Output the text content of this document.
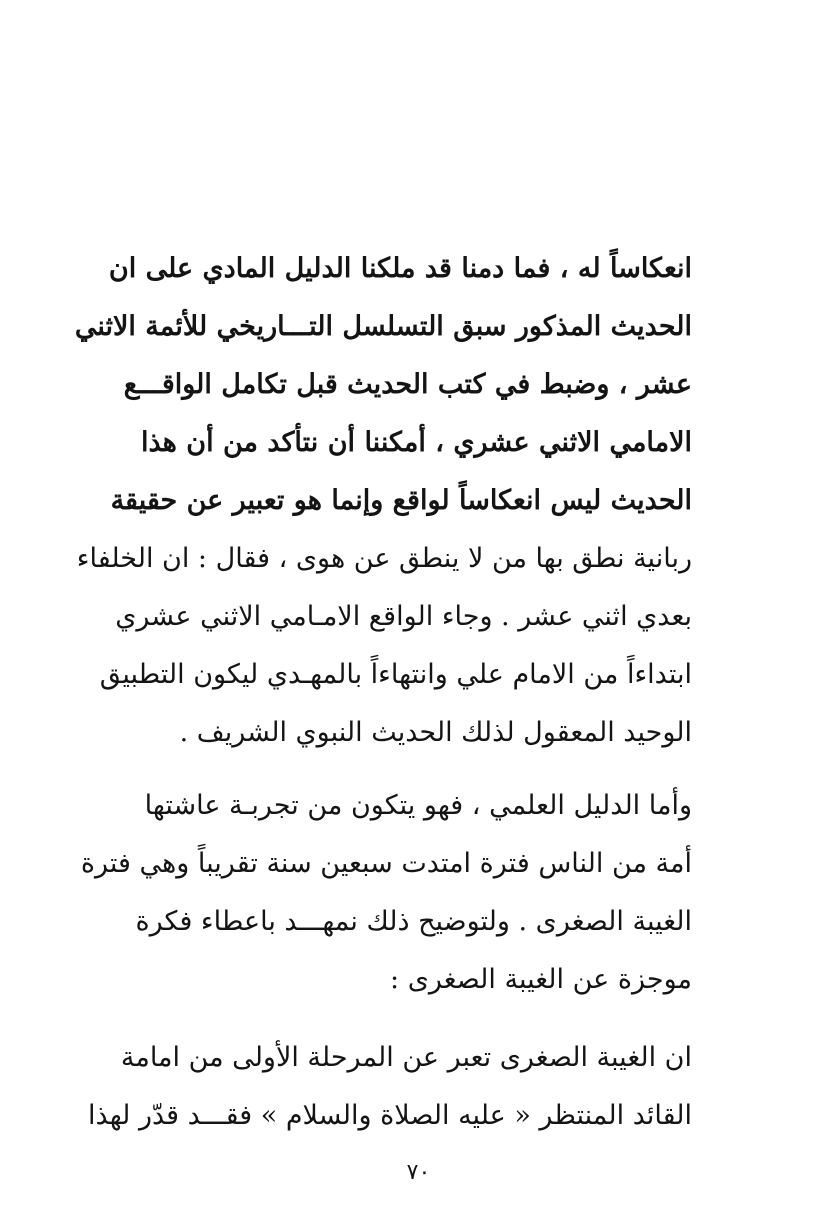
انعكاساً له ، فما دمنا قد ملكنا الدليل المادي على ان
الحديث المذكور سبق التسلسل التـــاريخي للأئمة الاثني
عشر ، وضبط في كتب الحديث قبل تكامل الواقـــع
الامامي الاثني عشري ، أمكننا أن نتأكد من أن هذا
الحديث ليس انعكاساً لواقع وإنما هو تعبير عن حقيقة
ربانية نطق بها من لا ينطق عن هوى ، فقال : ان الخلفاء
بعدي اثني عشر . وجاء الواقع الامـامي الاثني عشري
ابتداءاً من الامام علي وانتهاءاً بالمهـدي ليكون التطبيق
الوحيد المعقول لذلك الحديث النبوي الشريف .
وأما الدليل العلمي ، فهو يتكون من تجربـة عاشتها
أمة من الناس فترة امتدت سبعين سنة تقريباً وهي فترة
الغيبة الصغرى . ولتوضيح ذلك نمهـــد باعطاء فكرة
موجزة عن الغيبة الصغرى :
ان الغيبة الصغرى تعبر عن المرحلة الأولى من امامة
القائد المنتظر « عليه الصلاة والسلام » فقـــد قدّر لهذا
٧٠
